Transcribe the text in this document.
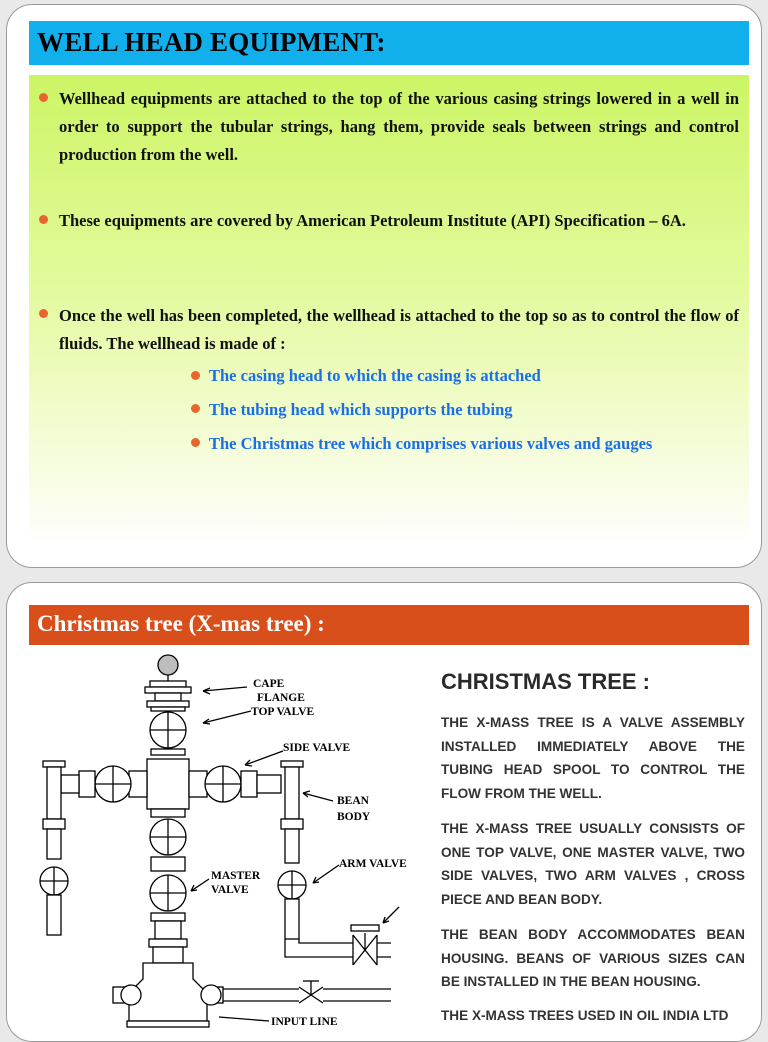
WELL HEAD EQUIPMENT:
Wellhead equipments are attached to the top of the various casing strings lowered in a well in order to support the tubular strings, hang them, provide seals between strings and control production from the well.
These equipments are covered by American Petroleum Institute (API) Specification – 6A.
Once the well has been completed, the wellhead is attached to the top so as to control the flow of fluids. The wellhead is made of :
The casing head to which the casing is attached
The tubing head which supports the tubing
The Christmas tree which comprises various valves and gauges
Christmas tree (X-mas tree) :
CAPE
FLANGE
TOP VALVE
SIDE VALVE
BEAN
BODY
MASTER
VALVE
ARM VALVE
INPUT LINE
CHRISTMAS TREE :
THE X-MASS TREE IS A VALVE ASSEMBLY INSTALLED IMMEDIATELY ABOVE THE TUBING HEAD SPOOL TO CONTROL THE FLOW FROM THE WELL.
THE X-MASS TREE USUALLY CONSISTS OF ONE TOP VALVE, ONE MASTER VALVE, TWO SIDE VALVES, TWO ARM VALVES , CROSS PIECE AND BEAN BODY.
THE BEAN BODY ACCOMMODATES BEAN HOUSING. BEANS OF VARIOUS SIZES CAN BE INSTALLED IN THE BEAN HOUSING.
THE X-MASS TREES USED IN OIL INDIA LTD
